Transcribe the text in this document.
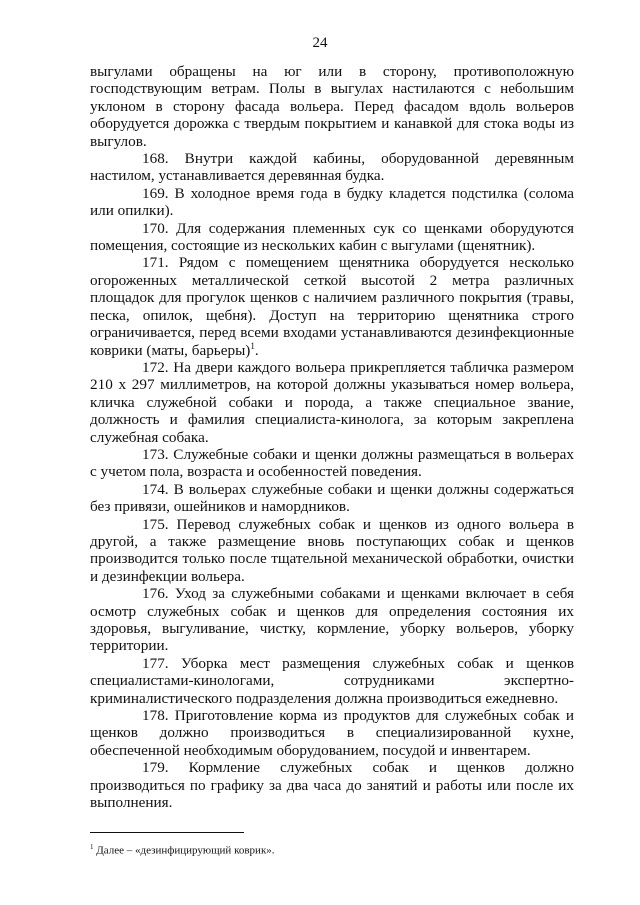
24

выгулами обращены на юг или в сторону, противоположную господствующим ветрам. Полы в выгулах настилаются с небольшим уклоном в сторону фасада вольера. Перед фасадом вдоль вольеров оборудуется дорожка с твердым покрытием и канавкой для стока воды из выгулов.

168. Внутри каждой кабины, оборудованной деревянным настилом, устанавливается деревянная будка.

169. В холодное время года в будку кладется подстилка (солома или опилки).

170. Для содержания племенных сук со щенками оборудуются помещения, состоящие из нескольких кабин с выгулами (щенятник).

171. Рядом с помещением щенятника оборудуется несколько огороженных металлической сеткой высотой 2 метра различных площадок для прогулок щенков с наличием различного покрытия (травы, песка, опилок, щебня). Доступ на территорию щенятника строго ограничивается, перед всеми входами устанавливаются дезинфекционные коврики (маты, барьеры)$^1$.

172. На двери каждого вольера прикрепляется табличка размером 210 x 297 миллиметров, на которой должны указываться номер вольера, кличка служебной собаки и порода, а также специальное звание, должность и фамилия специалиста-кинолога, за которым закреплена служебная собака.

173. Служебные собаки и щенки должны размещаться в вольерах с учетом пола, возраста и особенностей поведения.

174. В вольерах служебные собаки и щенки должны содержаться без привязи, ошейников и намордников.

175. Перевод служебных собак и щенков из одного вольера в другой, а также размещение вновь поступающих собак и щенков производится только после тщательной механической обработки, очистки и дезинфекции вольера.

176. Уход за служебными собаками и щенками включает в себя осмотр служебных собак и щенков для определения состояния их здоровья, выгуливание, чистку, кормление, уборку вольеров, уборку территории.

177. Уборка мест размещения служебных собак и щенков специалистами-кинологами, сотрудниками экспертно-криминалистического подразделения должна производиться ежедневно.

178. Приготовление корма из продуктов для служебных собак и щенков должно производиться в специализированной кухне, обеспеченной необходимым оборудованием, посудой и инвентарем.

179. Кормление служебных собак и щенков должно производиться по графику за два часа до занятий и работы или после их выполнения.

$^1$ Далее – «дезинфицирующий коврик».
